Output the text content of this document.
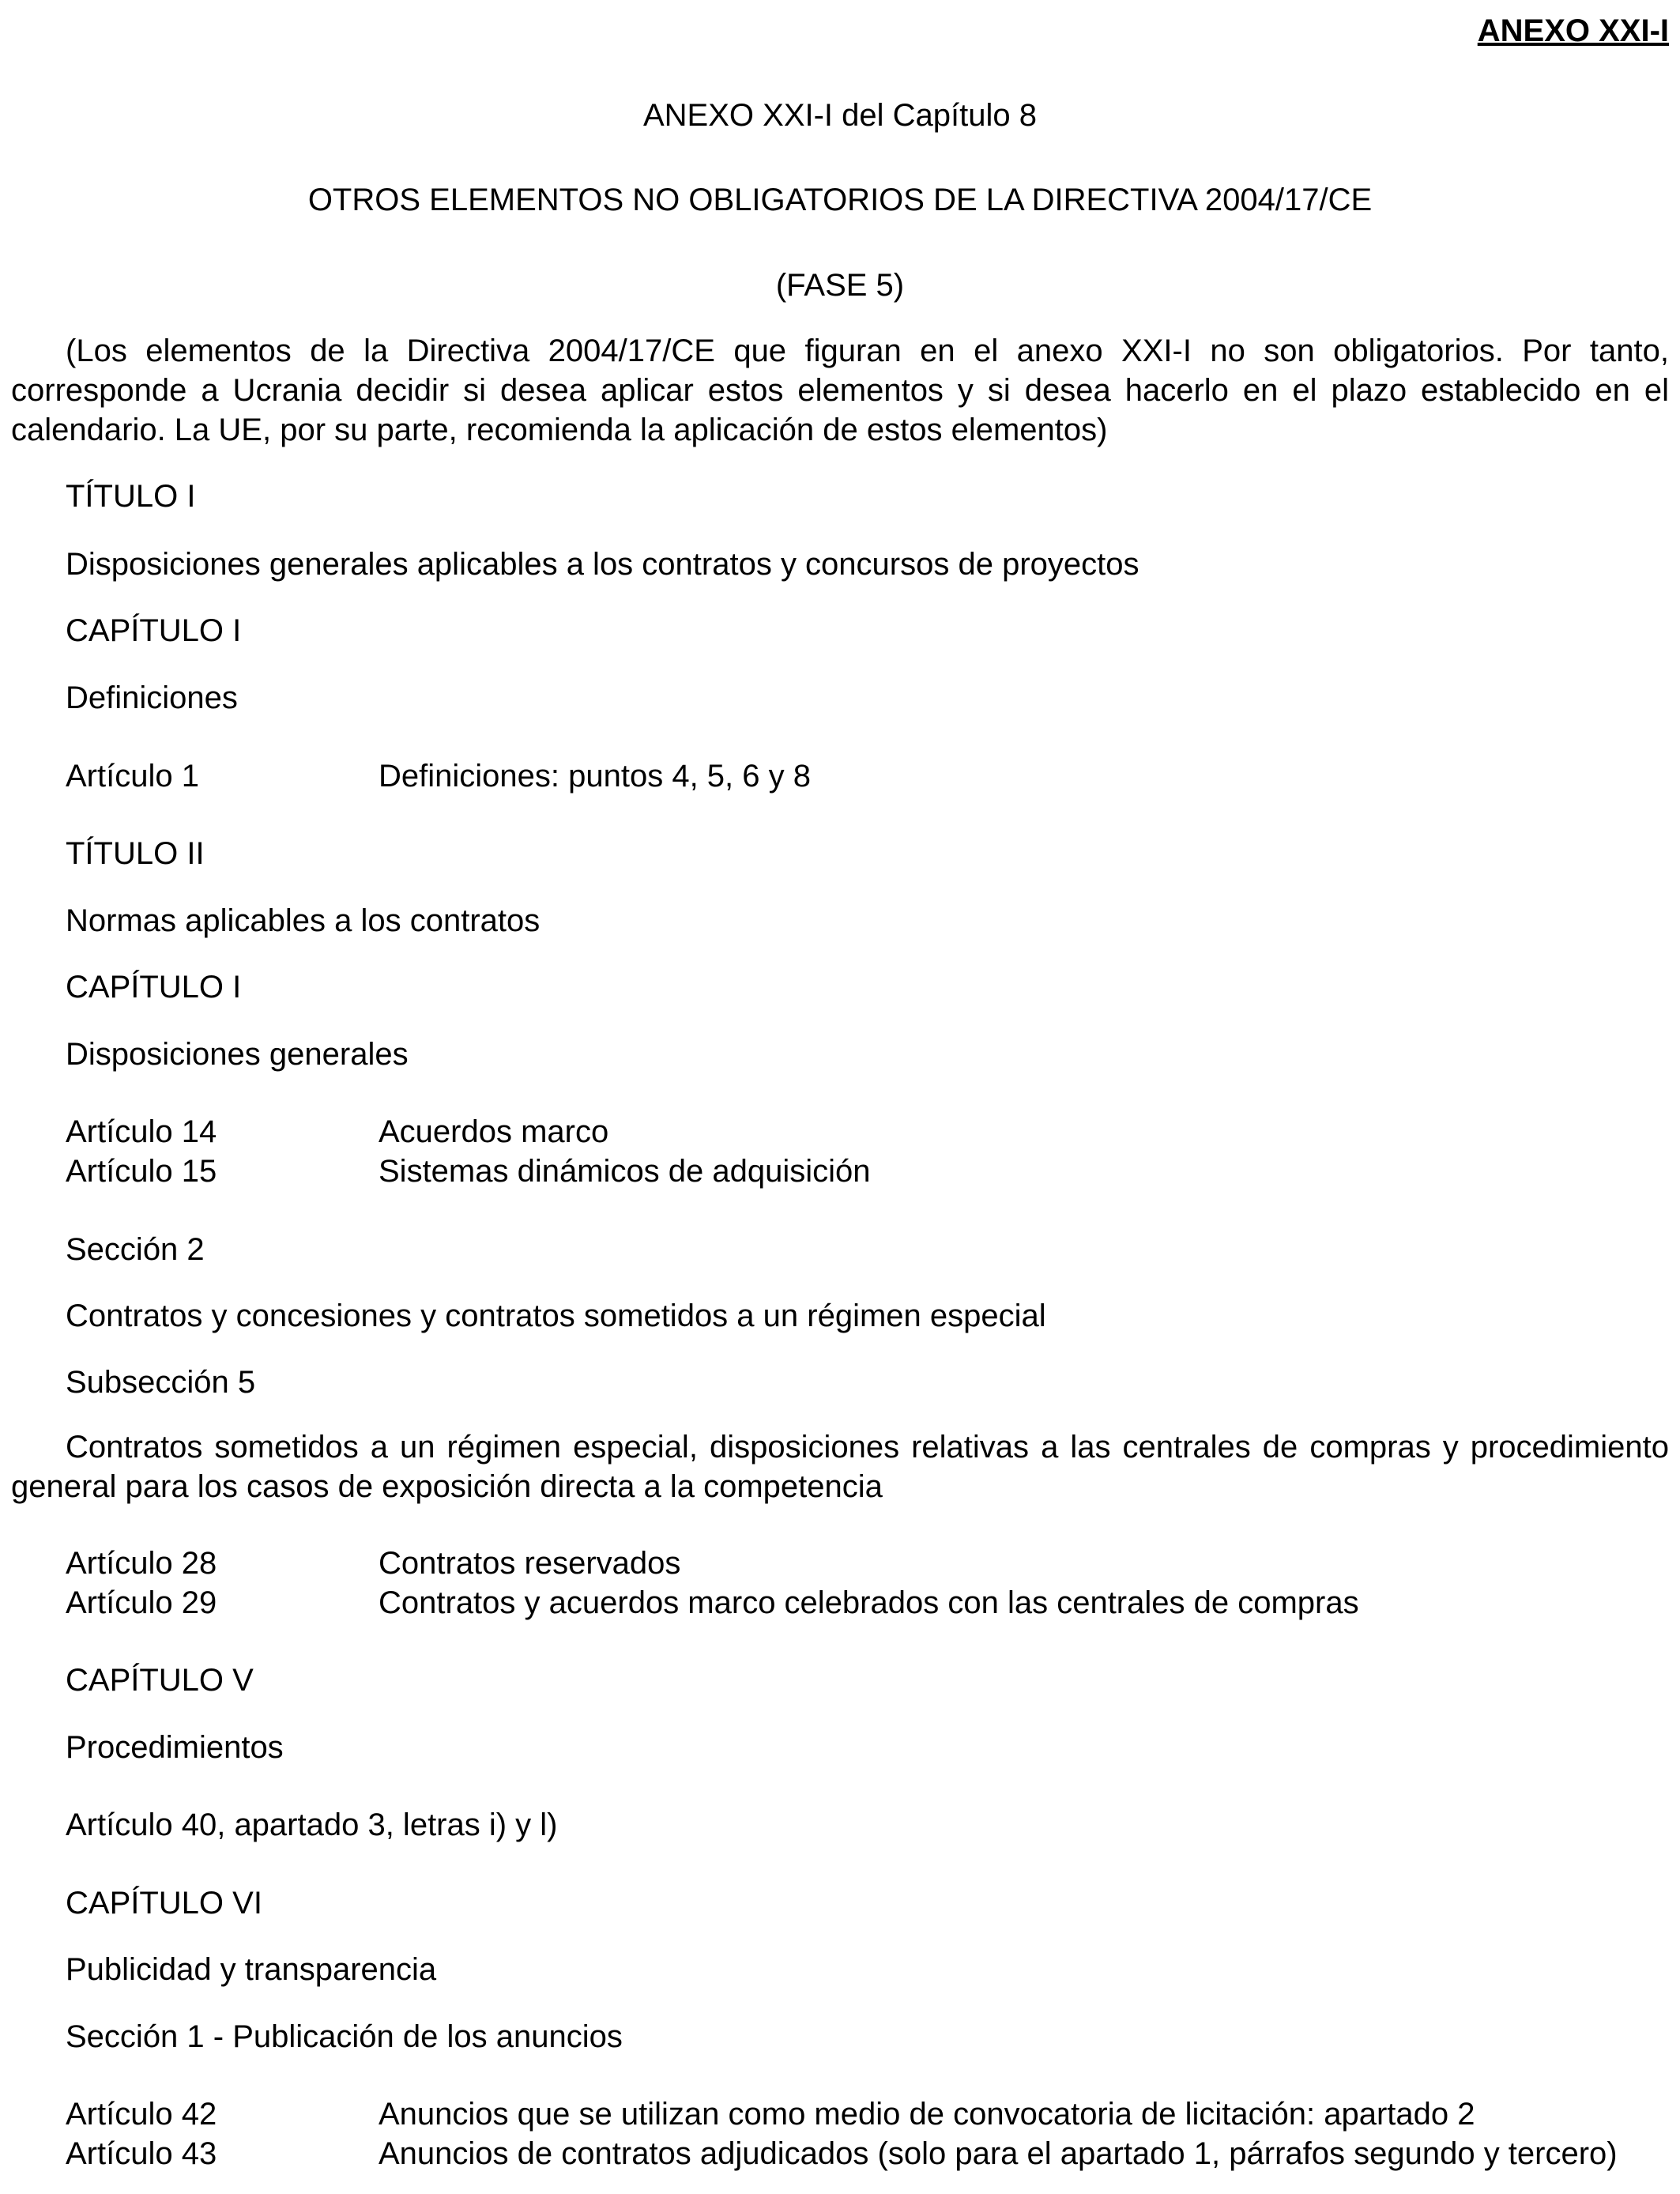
ANEXO XXI-I
ANEXO XXI-I del Capítulo 8
OTROS ELEMENTOS NO OBLIGATORIOS DE LA DIRECTIVA 2004/17/CE
(FASE 5)
(Los elementos de la Directiva 2004/17/CE que figuran en el anexo XXI-I no son obligatorios. Por tanto, corresponde a Ucrania decidir si desea aplicar estos elementos y si desea hacerlo en el plazo establecido en el calendario. La UE, por su parte, recomienda la aplicación de estos elementos)
TÍTULO I
Disposiciones generales aplicables a los contratos y concursos de proyectos
CAPÍTULO I
Definiciones
Artículo 1	Definiciones: puntos 4, 5, 6 y 8
TÍTULO II
Normas aplicables a los contratos
CAPÍTULO I
Disposiciones generales
Artículo 14	Acuerdos marco
Artículo 15	Sistemas dinámicos de adquisición
Sección 2
Contratos y concesiones y contratos sometidos a un régimen especial
Subsección 5
Contratos sometidos a un régimen especial, disposiciones relativas a las centrales de compras y procedimiento general para los casos de exposición directa a la competencia
Artículo 28	Contratos reservados
Artículo 29	Contratos y acuerdos marco celebrados con las centrales de compras
CAPÍTULO V
Procedimientos
Artículo 40, apartado 3, letras i) y l)
CAPÍTULO VI
Publicidad y transparencia
Sección 1 - Publicación de los anuncios
Artículo 42	Anuncios que se utilizan como medio de convocatoria de licitación: apartado 2
Artículo 43	Anuncios de contratos adjudicados (solo para el apartado 1, párrafos segundo y tercero)
